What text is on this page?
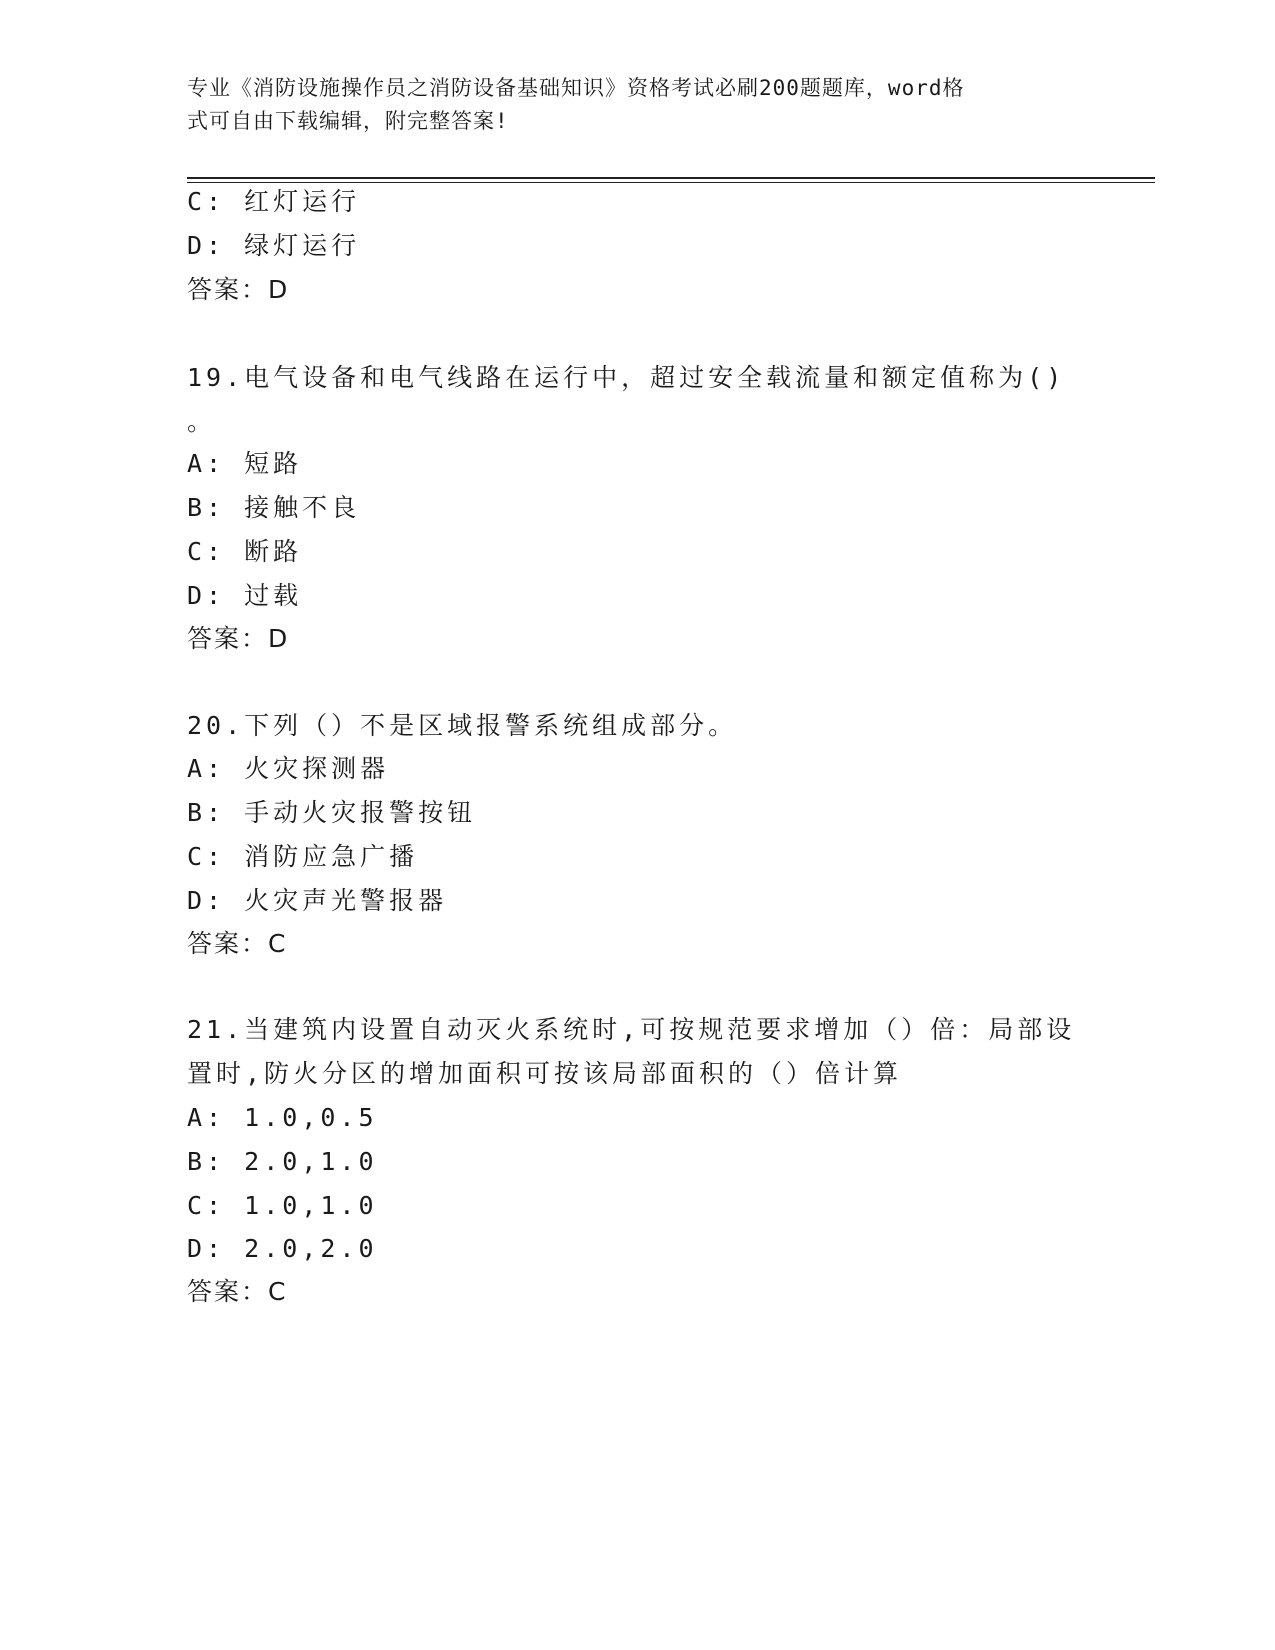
专业《消防设施操作员之消防设备基础知识》资格考试必刷200题题库，word格
式可自由下载编辑，附完整答案!
C: 红灯运行
D: 绿灯运行
答案：D
19.电气设备和电气线路在运行中，超过安全载流量和额定值称为()
。
A: 短路
B: 接触不良
C: 断路
D: 过载
答案：D
20.下列（）不是区域报警系统组成部分。
A: 火灾探测器
B: 手动火灾报警按钮
C: 消防应急广播
D: 火灾声光警报器
答案：C
21.当建筑内设置自动灭火系统时,可按规范要求增加（）倍：局部设
置时,防火分区的增加面积可按该局部面积的（）倍计算
A: 1.0,0.5
B: 2.0,1.0
C: 1.0,1.0
D: 2.0,2.0
答案：C
